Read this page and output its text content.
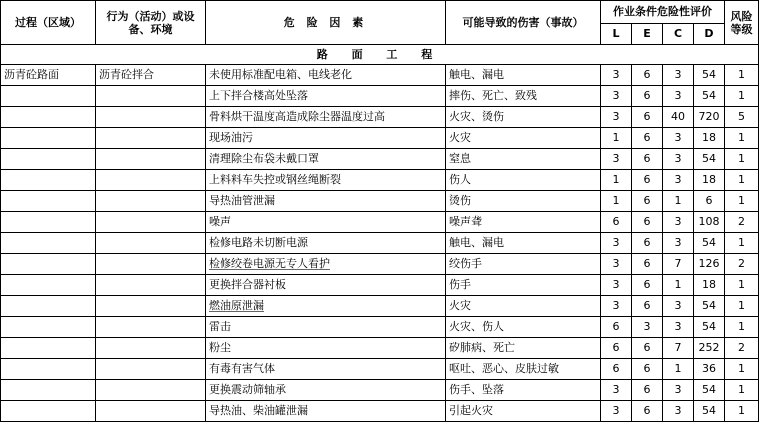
过程（区域）	行为（活动）或设备、环境	危 险 因 素	可能导致的伤害（事故）	作业条件危险性评价				风险等级
				L	E	C	D	
路 面 工 程								
沥青砼路面	沥青砼拌合	未使用标准配电箱、电线老化	触电、漏电	3	6	3	54	1
		上下拌合楼高处坠落	摔伤、死亡、致残	3	6	3	54	1
		骨料烘干温度高造成除尘器温度过高	火灾、烫伤	3	6	40	720	5
		现场油污	火灾	1	6	3	18	1
		清理除尘布袋未戴口罩	窒息	3	6	3	54	1
		上料料车失控或钢丝绳断裂	伤人	1	6	3	18	1
		导热油管泄漏	烫伤	1	6	1	6	1
		噪声	噪声聋	6	6	3	108	2
		检修电路未切断电源	触电、漏电	3	6	3	54	1
		检修绞卷电源无专人看护	绞伤手	3	6	7	126	2
		更换拌合器衬板	伤手	3	6	1	18	1
		燃油原泄漏	火灾	3	6	3	54	1
		雷击	火灾、伤人	6	3	3	54	1
		粉尘	矽肺病、死亡	6	6	7	252	2
		有毒有害气体	呕吐、恶心、皮肤过敏	6	6	1	36	1
		更换震动筛轴承	伤手、坠落	3	6	3	54	1
		导热油、柴油罐泄漏	引起火灾	3	6	3	54	1
